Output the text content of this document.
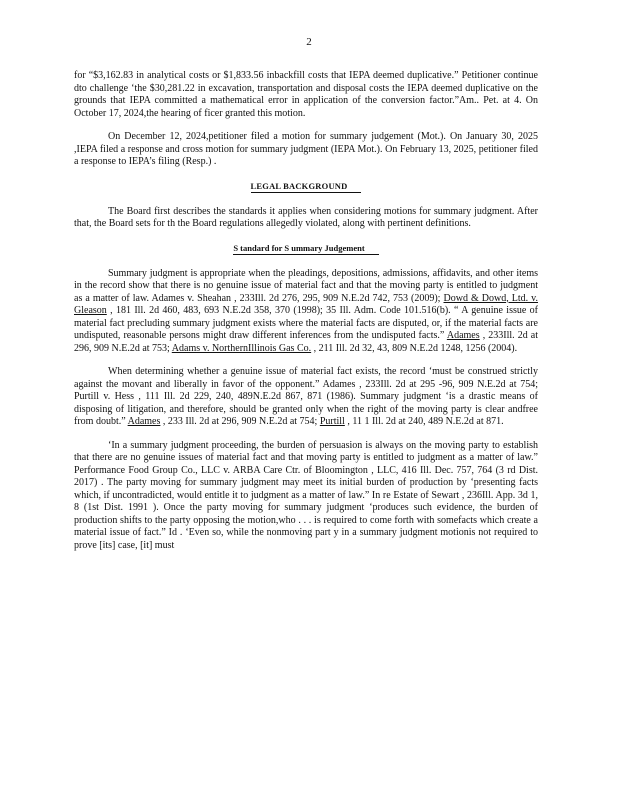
2

for “$3,162.83 in analytical costs or $1,833.56 inbackfill costs that IEPA deemed duplicative.” Petitioner continue dto challenge ‘the $30,281.22 in excavation, transportation and disposal costs the IEPA deemed duplicative on the grounds that IEPA committed a mathematical error in application of the conversion factor.”Am.. Pet. at 4. On October 17, 2024,the hearing of ficer granted this motion.

On December 12, 2024,petitioner filed a motion for summary judgement (Mot.). On January 30, 2025 ,IEPA filed a response and cross motion for summary judgment (IEPA Mot.). On February 13, 2025, petitioner filed a response to IEPA’s filing (Resp.) .

LEGAL BACKGROUND

The Board first describes the standards it applies when considering motions for summary judgment. After that, the Board sets for th the Board regulations allegedly violated, along with pertinent definitions.

S tandard for S ummary Judgement

Summary judgment is appropriate when the pleadings, depositions, admissions, affidavits, and other items in the record show that there is no genuine issue of material fact and that the moving party is entitled to judgment as a matter of law. Adames v. Sheahan , 233Ill. 2d 276, 295, 909 N.E.2d 742, 753 (2009); Dowd & Dowd, Ltd. v. Gleason , 181 Ill. 2d 460, 483, 693 N.E.2d 358, 370 (1998); 35 Ill. Adm. Code 101.516(b). “ A genuine issue of material fact precluding summary judgment exists where the material facts are disputed, or, if the material facts are undisputed, reasonable persons might draw different inferences from the undisputed facts.” Adames , 233Ill. 2d at 296, 909 N.E.2d at 753; Adams v. NorthernIllinois Gas Co. , 211 Ill. 2d 32, 43, 809 N.E.2d 1248, 1256 (2004).

When determining whether a genuine issue of material fact exists, the record ‘must be construed strictly against the movant and liberally in favor of the opponent.” Adames , 233Ill. 2d at 295 -96, 909 N.E.2d at 754; Purtill v. Hess , 111 Ill. 2d 229, 240, 489N.E.2d 867, 871 (1986). Summary judgment ‘is a drastic means of disposing of litigation, and therefore, should be granted only when the right of the moving party is clear andfree from doubt.” Adames , 233 Ill. 2d at 296, 909 N.E.2d at 754; Purtill , 11 1 Ill. 2d at 240, 489 N.E.2d at 871.

‘In a summary judgment proceeding, the burden of persuasion is always on the moving party to establish that there are no genuine issues of material fact and that moving party is entitled to judgment as a matter of law.” Performance Food Group Co., LLC v. ARBA Care Ctr. of Bloomington , LLC, 416 Ill. Dec. 757, 764 (3 rd Dist. 2017) . The party moving for summary judgment may meet its initial burden of production by ‘presenting facts which, if uncontradicted, would entitle it to judgment as a matter of law.” In re Estate of Sewart , 236Ill. App. 3d 1, 8 (1st Dist. 1991 ). Once the party moving for summary judgment ‘produces such evidence, the burden of production shifts to the party opposing the motion,who . . . is required to come forth with somefacts which create a material issue of fact.” Id . ‘Even so, while the nonmoving part y in a summary judgment motionis not required to prove [its] case, [it] must
